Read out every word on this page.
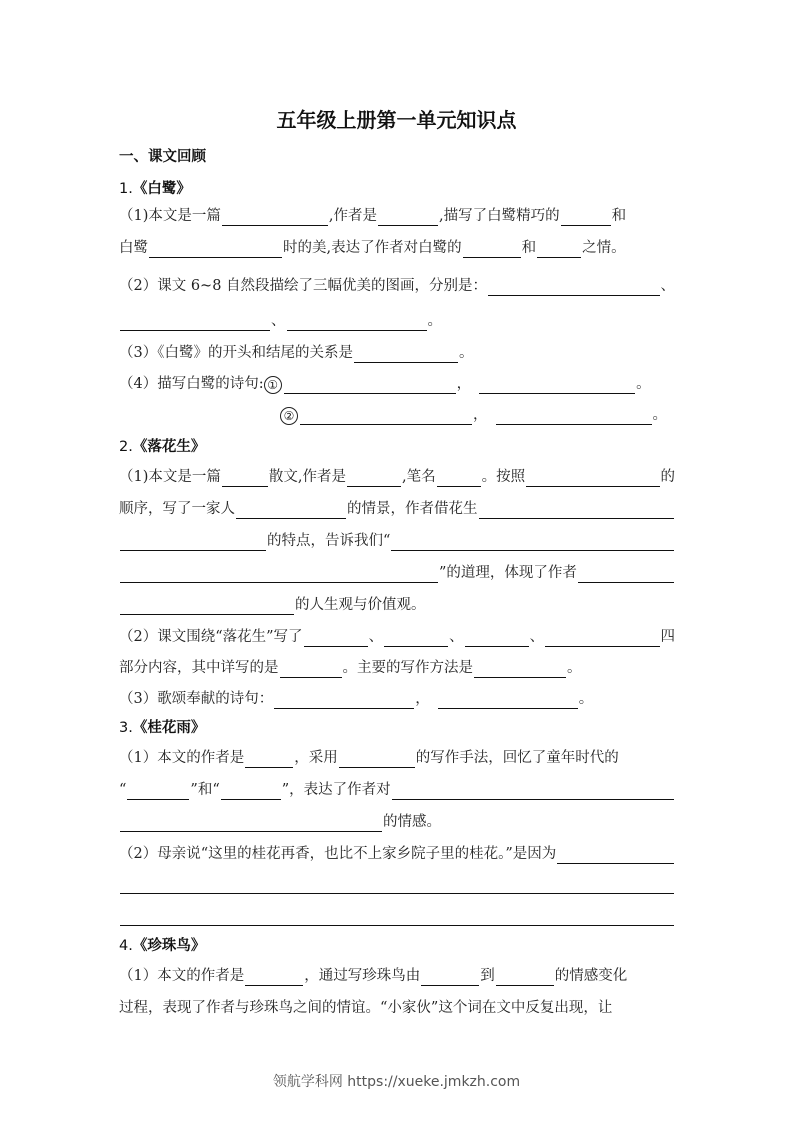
五年级上册第一单元知识点
一、课文回顾
1.《白鹭》
（1)本文是一篇	,作者是	,描写了白鹭精巧的	和
白鹭	时的美,表达了作者对白鹭的	和	之情。
（2）课文 6~8 自然段描绘了三幅优美的图画，分别是：	、
、	。
（3）《白鹭》的开头和结尾的关系是	。
（4）描写白鹭的诗句: ①	，	。
②	，	。
2.《落花生》
（1)本文是一篇	散文,作者是	,笔名	。按照	的
顺序，写了一家人	的情景，作者借花生
的特点，告诉我们“
”的道理，体现了作者
的人生观与价值观。
（2）课文围绕“落花生”写了	、	、	、	四
部分内容，其中详写的是	。主要的写作方法是	。
（3）歌颂奉献的诗句：	，	。
3.《桂花雨》
（1）本文的作者是	，采用	的写作手法，回忆了童年时代的
“	”和“	”，表达了作者对
的情感。
（2）母亲说“这里的桂花再香，也比不上家乡院子里的桂花。”是因为
4.《珍珠鸟》
（1）本文的作者是	，通过写珍珠鸟由	到	的情感变化
过程，表现了作者与珍珠鸟之间的情谊。“小家伙”这个词在文中反复出现，让
领航学科网 https://xueke.jmkzh.com
